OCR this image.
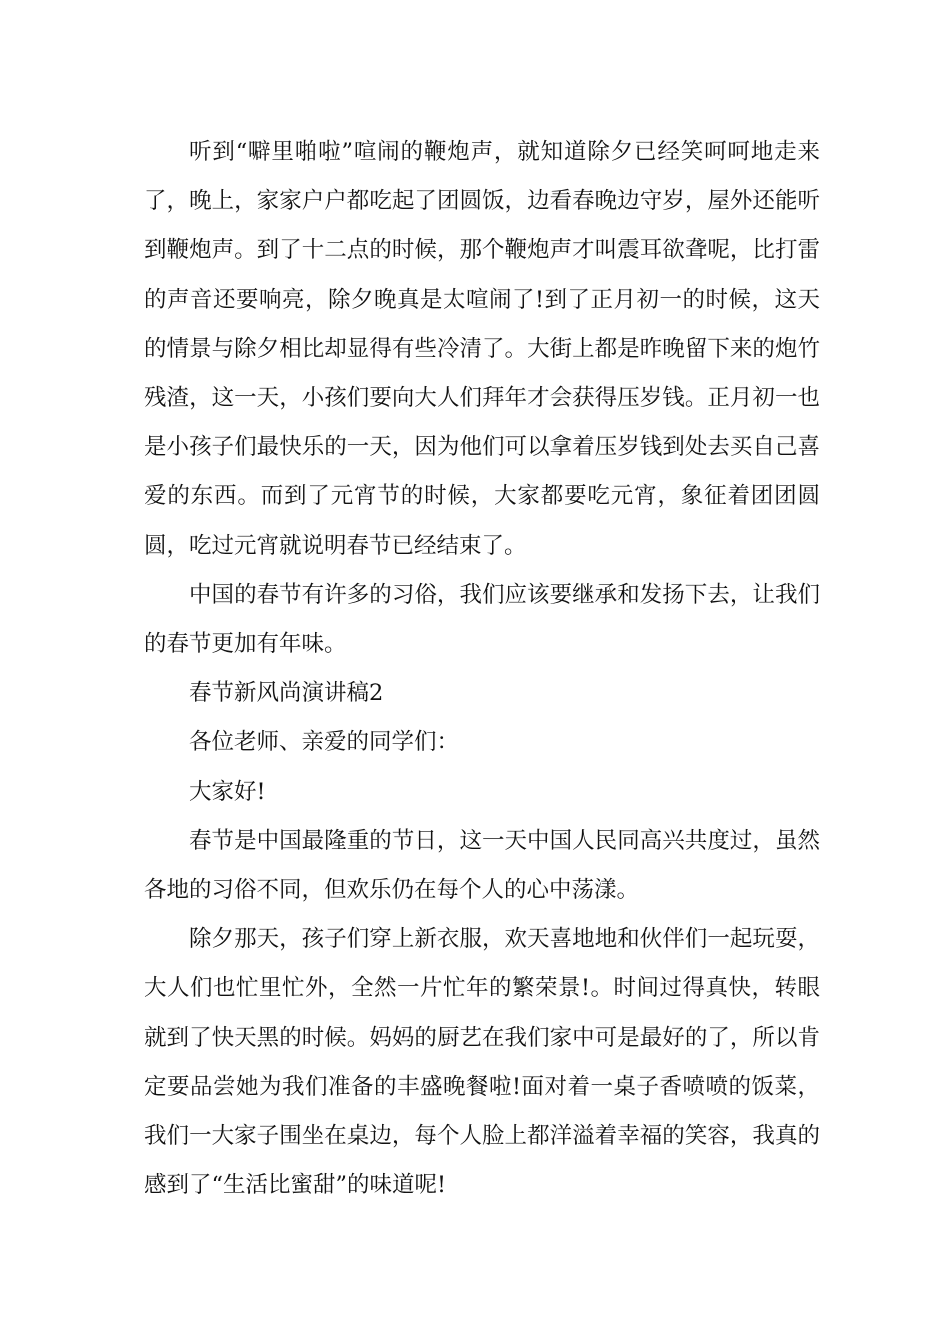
听到“噼里啪啦”喧闹的鞭炮声，就知道除夕已经笑呵呵地走来了，晚上，家家户户都吃起了团圆饭，边看春晚边守岁，屋外还能听到鞭炮声。到了十二点的时候，那个鞭炮声才叫震耳欲聋呢，比打雷的声音还要响亮，除夕晚真是太喧闹了!到了正月初一的时候，这天的情景与除夕相比却显得有些冷清了。大街上都是昨晚留下来的炮竹残渣，这一天，小孩们要向大人们拜年才会获得压岁钱。正月初一也是小孩子们最快乐的一天，因为他们可以拿着压岁钱到处去买自己喜爱的东西。而到了元宵节的时候，大家都要吃元宵，象征着团团圆圆，吃过元宵就说明春节已经结束了。

中国的春节有许多的习俗，我们应该要继承和发扬下去，让我们的春节更加有年味。

春节新风尚演讲稿2

各位老师、亲爱的同学们：

大家好!

春节是中国最隆重的节日，这一天中国人民同高兴共度过，虽然各地的习俗不同，但欢乐仍在每个人的心中荡漾。

除夕那天，孩子们穿上新衣服，欢天喜地地和伙伴们一起玩耍，大人们也忙里忙外，全然一片忙年的繁荣景!。时间过得真快，转眼就到了快天黑的时候。妈妈的厨艺在我们家中可是最好的了，所以肯定要品尝她为我们准备的丰盛晚餐啦!面对着一桌子香喷喷的饭菜，我们一大家子围坐在桌边，每个人脸上都洋溢着幸福的笑容，我真的感到了“生活比蜜甜”的味道呢!
